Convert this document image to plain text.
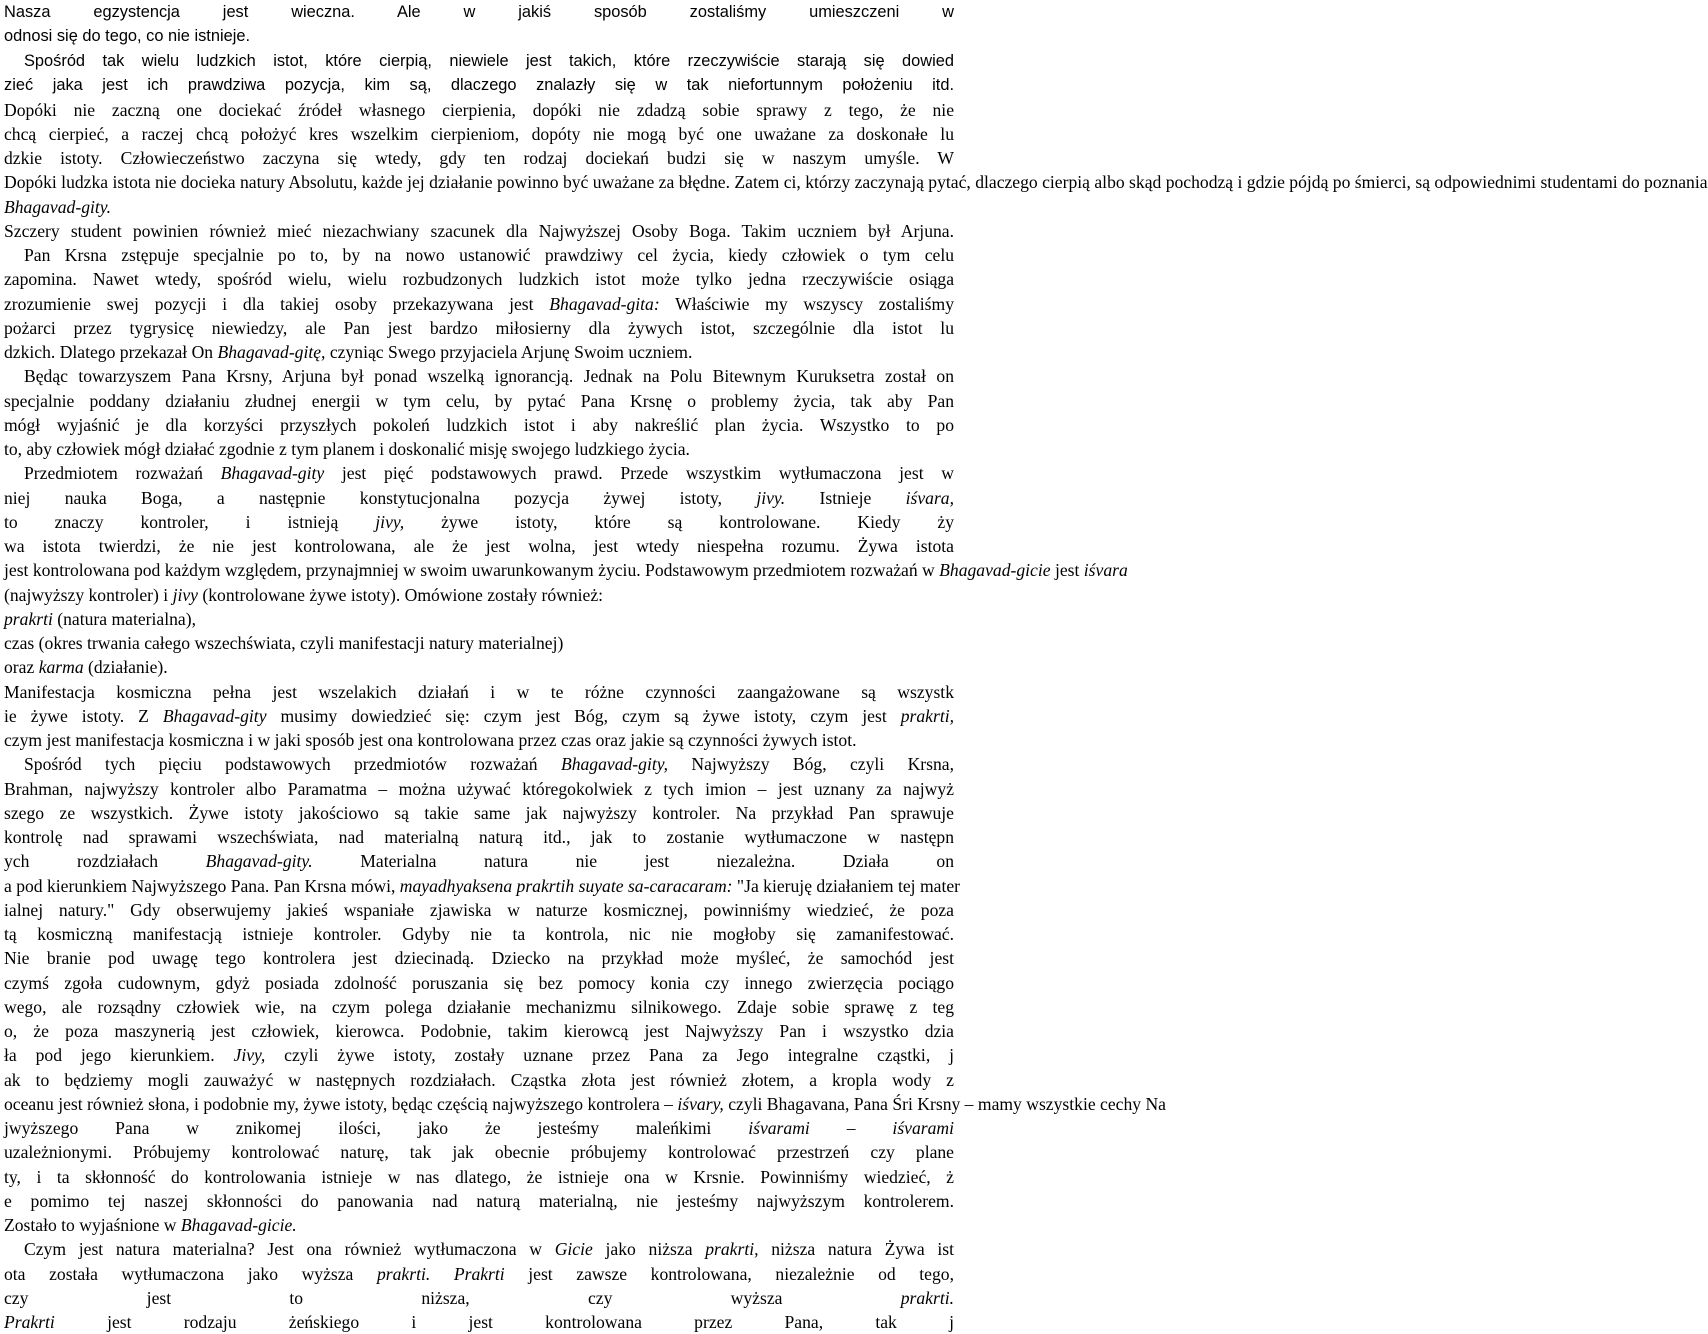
Nasza egzystencja jest wieczna. Ale w jakiś sposób zostaliśmy umieszczeni w
odnosi się do tego, co nie istnieje.

Spośród tak wielu ludzkich istot, które cierpią, niewiele jest takich, które rzeczywiście starają się dowied
zieć jaka jest ich prawdziwa pozycja, kim są, dlaczego znalazły się w tak niefortunnym położeniu itd.

Dopóki nie zaczną one dociekać źródeł własnego cierpienia, dopóki nie zdadzą sobie sprawy z tego, że nie
chcą cierpieć, a raczej chcą położyć kres wszelkim cierpieniom, dopóty nie mogą być one uważane za doskonałe lu
dzkie istoty. Człowieczeństwo zaczyna się wtedy, gdy ten rodzaj dociekań budzi się w naszym umyśle. W
Dopóki ludzka istota nie docieka natury Absolutu, każde jej działanie powinno być uważane za błędne. Zatem ci, którzy zaczynają pytać, dlaczego cierpią albo skąd pochodzą i gdzie pójdą po śmierci, są odpowiednimi studentami do poznania
Bhagavad-gity.
Szczery student powinien również mieć niezachwiany szacunek dla Najwyższej Osoby Boga. Takim uczniem był Arjuna.

Pan Krsna zstępuje specjalnie po to, by na nowo ustanowić prawdziwy cel życia, kiedy człowiek o tym celu
zapomina. Nawet wtedy, spośród wielu, wielu rozbudzonych ludzkich istot może tylko jedna rzeczywiście osiąga
zrozumienie swej pozycji i dla takiej osoby przekazywana jest Bhagavad-gita: Właściwie my wszyscy zostaliśmy
pożarci przez tygrysicę niewiedzy, ale Pan jest bardzo miłosierny dla żywych istot, szczególnie dla istot lu
dzkich. Dlatego przekazał On Bhagavad-gitę, czyniąc Swego przyjaciela Arjunę Swoim uczniem.

Będąc towarzyszem Pana Krsny, Arjuna był ponad wszelką ignorancją. Jednak na Polu Bitewnym Kuruksetra został on
specjalnie poddany działaniu złudnej energii w tym celu, by pytać Pana Krsnę o problemy życia, tak aby Pan
mógł wyjaśnić je dla korzyści przyszłych pokoleń ludzkich istot i aby nakreślić plan życia. Wszystko to po
to, aby człowiek mógł działać zgodnie z tym planem i doskonalić misję swojego ludzkiego życia.

Przedmiotem rozważań Bhagavad-gity jest pięć podstawowych prawd. Przede wszystkim wytłumaczona jest w
niej nauka Boga, a następnie konstytucjonalna pozycja żywej istoty, jivy. Istnieje iśvara,
to znaczy kontroler, i istnieją jivy, żywe istoty, które są kontrolowane. Kiedy ży
wa istota twierdzi, że nie jest kontrolowana, ale że jest wolna, jest wtedy niespełna rozumu. Żywa istota
jest kontrolowana pod każdym względem, przynajmniej w swoim uwarunkowanym życiu. Podstawowym przedmiotem rozważań w Bhagavad-gicie jest iśvara
(najwyższy kontroler) i jivy (kontrolowane żywe istoty). Omówione zostały również:

prakrti (natura materialna),

czas (okres trwania całego wszechświata, czyli manifestacji natury materialnej)

oraz karma (działanie).

Manifestacja kosmiczna pełna jest wszelakich działań i w te różne czynności zaangażowane są wszystk
ie żywe istoty. Z Bhagavad-gity musimy dowiedzieć się: czym jest Bóg, czym są żywe istoty, czym jest prakrti,
czym jest manifestacja kosmiczna i w jaki sposób jest ona kontrolowana przez czas oraz jakie są czynności żywych istot.

Spośród tych pięciu podstawowych przedmiotów rozważań Bhagavad-gity, Najwyższy Bóg, czyli Krsna,
Brahman, najwyższy kontroler albo Paramatma – można używać któregokolwiek z tych imion – jest uznany za najwyż
szego ze wszystkich. Żywe istoty jakościowo są takie same jak najwyższy kontroler. Na przykład Pan sprawuje
kontrolę nad sprawami wszechświata, nad materialną naturą itd., jak to zostanie wytłumaczone w następn
ych rozdziałach Bhagavad-gity. Materialna natura nie jest niezależna. Działa on
a pod kierunkiem Najwyższego Pana. Pan Krsna mówi, mayadhyaksena prakrtih suyate sa-caracaram: "Ja kieruję działaniem tej mater
ialnej natury." Gdy obserwujemy jakieś wspaniałe zjawiska w naturze kosmicznej, powinniśmy wiedzieć, że poza
tą kosmiczną manifestacją istnieje kontroler. Gdyby nie ta kontrola, nic nie mogłoby się zamanifestować.
Nie branie pod uwagę tego kontrolera jest dziecinadą. Dziecko na przykład może myśleć, że samochód jest
czymś zgoła cudownym, gdyż posiada zdolność poruszania się bez pomocy konia czy innego zwierzęcia pociągo
wego, ale rozsądny człowiek wie, na czym polega działanie mechanizmu silnikowego. Zdaje sobie sprawę z teg
o, że poza maszynerią jest człowiek, kierowca. Podobnie, takim kierowcą jest Najwyższy Pan i wszystko dzia
ła pod jego kierunkiem. Jivy, czyli żywe istoty, zostały uznane przez Pana za Jego integralne cząstki, j
ak to będziemy mogli zauważyć w następnych rozdziałach. Cząstka złota jest również złotem, a kropla wody z
oceanu jest również słona, i podobnie my, żywe istoty, będąc częścią najwyższego kontrolera – iśvary, czyli Bhagavana, Pana Śri Krsny – mamy wszystkie cechy Na
jwyższego Pana w znikomej ilości, jako że jesteśmy maleńkimi iśvarami – iśvarami
uzależnionymi. Próbujemy kontrolować naturę, tak jak obecnie próbujemy kontrolować przestrzeń czy plane
ty, i ta skłonność do kontrolowania istnieje w nas dlatego, że istnieje ona w Krsnie. Powinniśmy wiedzieć, ż
e pomimo tej naszej skłonności do panowania nad naturą materialną, nie jesteśmy najwyższym kontrolerem.
Zostało to wyjaśnione w Bhagavad-gicie.

Czym jest natura materialna? Jest ona również wytłumaczona w Gicie jako niższa prakrti, niższa natura Żywa ist
ota została wytłumaczona jako wyższa prakrti. Prakrti jest zawsze kontrolowana, niezależnie od tego,
czy jest to niższa, czy wyższa prakrti.
Prakrti jest rodzaju żeńskiego i jest kontrolowana przez Pana, tak j
